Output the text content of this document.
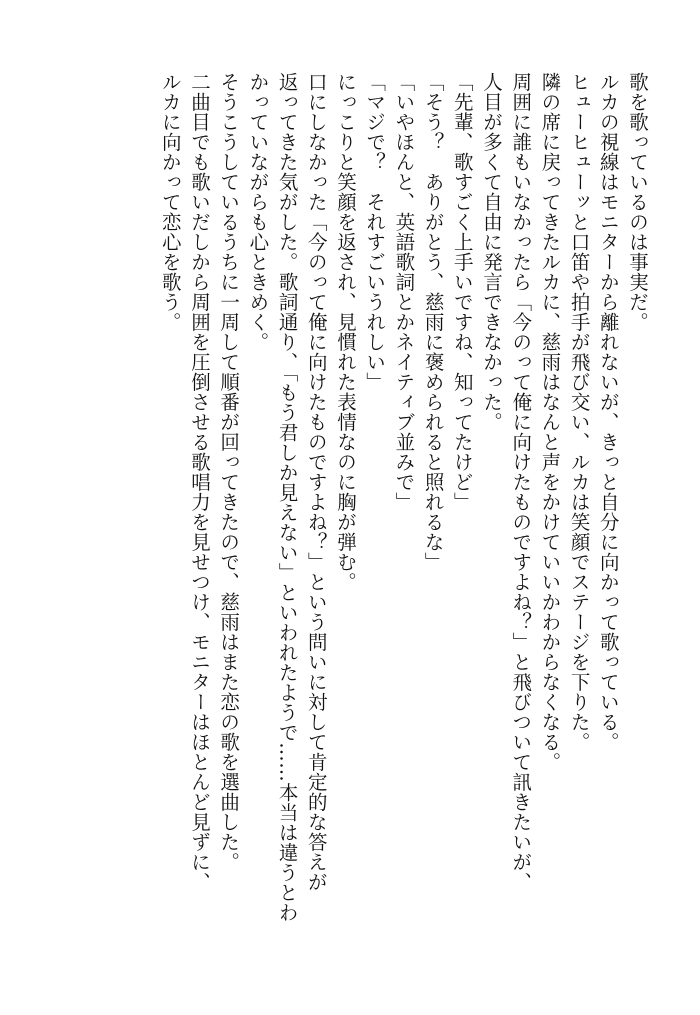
歌を歌っているのは事実だ。

ルカの視線はモニターから離れないが、きっと自分に向かって歌っている。

ヒューヒューッと口笛や拍手が飛び交い、ルカは笑顔でステージを下りた。

隣の席に戻ってきたルカに、慈雨はなんと声をかけていいかわからなくなる。

周囲に誰もいなかったら「今のって俺に向けたものですよね？」と飛びついて訊きたいが、

人目が多くて自由に発言できなかった。

「先輩、歌すごく上手いですね、知ってたけど」

「そう？　ありがとう、慈雨に褒められると照れるな」

「いやほんと、英語歌詞とかネイティブ並みで」

「マジで？　それすごいうれしい」

にっこりと笑顔を返され、見慣れた表情なのに胸が弾む。

口にしなかった「今のって俺に向けたものですよね？」という問いに対して肯定的な答えが

返ってきた気がした。歌詞通り、「もう君しか見えない」といわれたようで……本当は違うとわ

かっていながらも心ときめく。

そうこうしているうちに一周して順番が回ってきたので、慈雨はまた恋の歌を選曲した。

二曲目でも歌いだしから周囲を圧倒させる歌唱力を見せつけ、モニターはほとんど見ずに、

ルカに向かって恋心を歌う。
